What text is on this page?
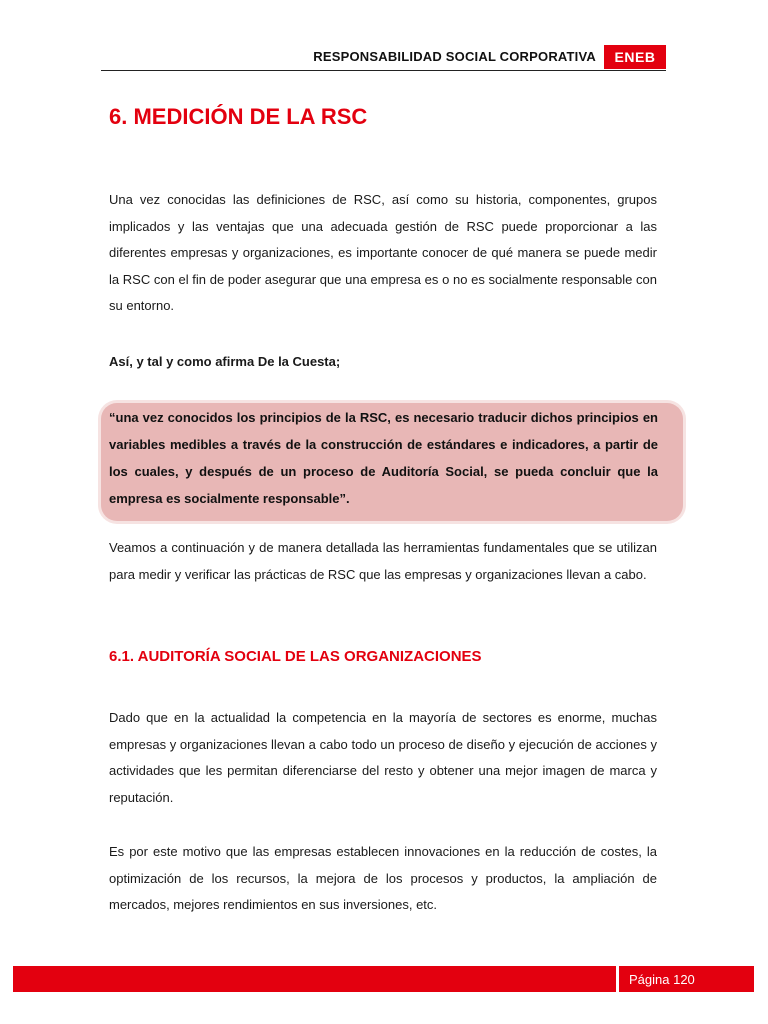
RESPONSABILIDAD SOCIAL CORPORATIVA	ENEB
6. MEDICIÓN DE LA RSC

Una vez conocidas las definiciones de RSC, así como su historia, componentes, grupos implicados y las ventajas que una adecuada gestión de RSC puede proporcionar a las diferentes empresas y organizaciones, es importante conocer de qué manera se puede medir la RSC con el fin de poder asegurar que una empresa es o no es socialmente responsable con su entorno.

Así, y tal y como afirma De la Cuesta;

“una vez conocidos los principios de la RSC, es necesario traducir dichos principios en variables medibles a través de la construcción de estándares e indicadores, a partir de los cuales, y después de un proceso de Auditoría Social, se pueda concluir que la empresa es socialmente responsable”.

Veamos a continuación y de manera detallada las herramientas fundamentales que se utilizan para medir y verificar las prácticas de RSC que las empresas y organizaciones llevan a cabo.

6.1. AUDITORÍA SOCIAL DE LAS ORGANIZACIONES

Dado que en la actualidad la competencia en la mayoría de sectores es enorme, muchas empresas y organizaciones llevan a cabo todo un proceso de diseño y ejecución de acciones y actividades que les permitan diferenciarse del resto y obtener una mejor imagen de marca y reputación.

Es por este motivo que las empresas establecen innovaciones en la reducción de costes, la optimización de los recursos, la mejora de los procesos y productos, la ampliación de mercados, mejores rendimientos en sus inversiones, etc.

Página 120
